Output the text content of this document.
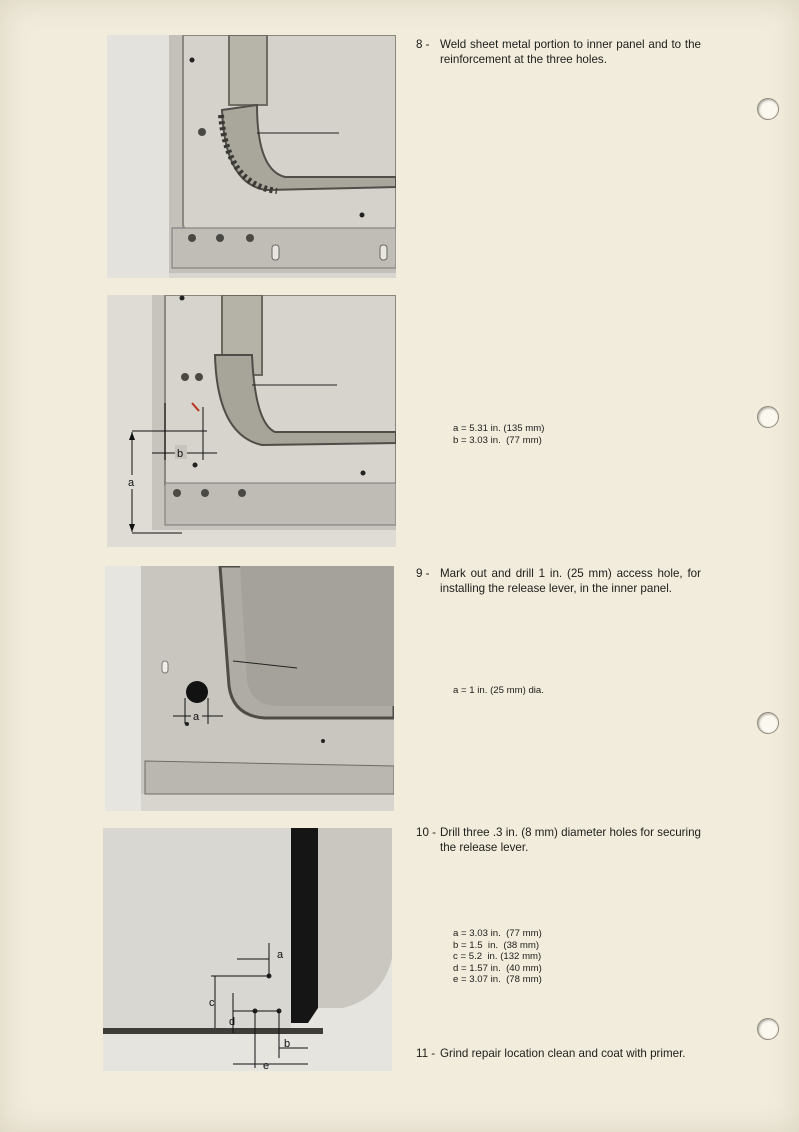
a
b
a
a
c
d
b
e
8 - Weld sheet metal portion to inner panel and to the reinforcement at the three holes.
a = 5.31 in. (135 mm)
b = 3.03 in.  (77 mm)
9 - Mark out and drill 1 in. (25 mm) access hole, for installing the release lever, in the inner panel.
a = 1 in. (25 mm) dia.
10 - Drill three .3 in. (8 mm) diameter holes for securing the release lever.
a = 3.03 in.  (77 mm)
b = 1.5  in.  (38 mm)
c = 5.2  in. (132 mm)
d = 1.57 in.  (40 mm)
e = 3.07 in.  (78 mm)
11 - Grind repair location clean and coat with primer.
